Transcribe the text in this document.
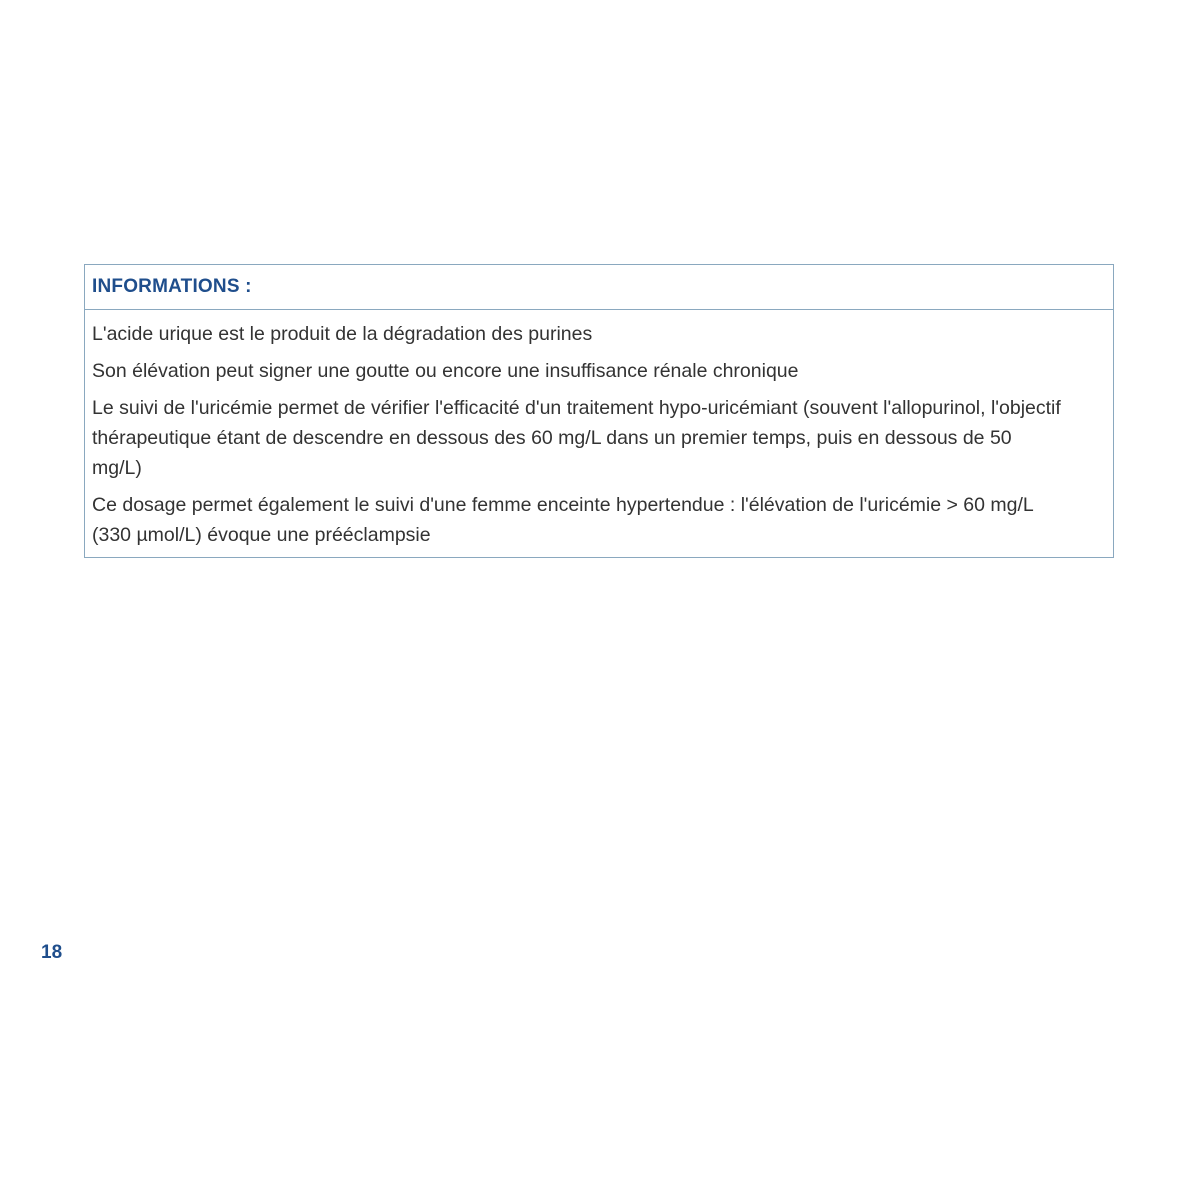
INFORMATIONS :

L'acide urique est le produit de la dégradation des purines

Son élévation peut signer une goutte ou encore une insuffisance rénale chronique

Le suivi de l'uricémie permet de vérifier l'efficacité d'un traitement hypo-uricémiant (souvent l'allopurinol, l'objectif thérapeutique étant de descendre en dessous des 60 mg/L dans un premier temps, puis en dessous de 50 mg/L)

Ce dosage permet également le suivi d'une femme enceinte hypertendue : l'élévation de l'uricémie > 60 mg/L (330 µmol/L) évoque une prééclampsie

18
